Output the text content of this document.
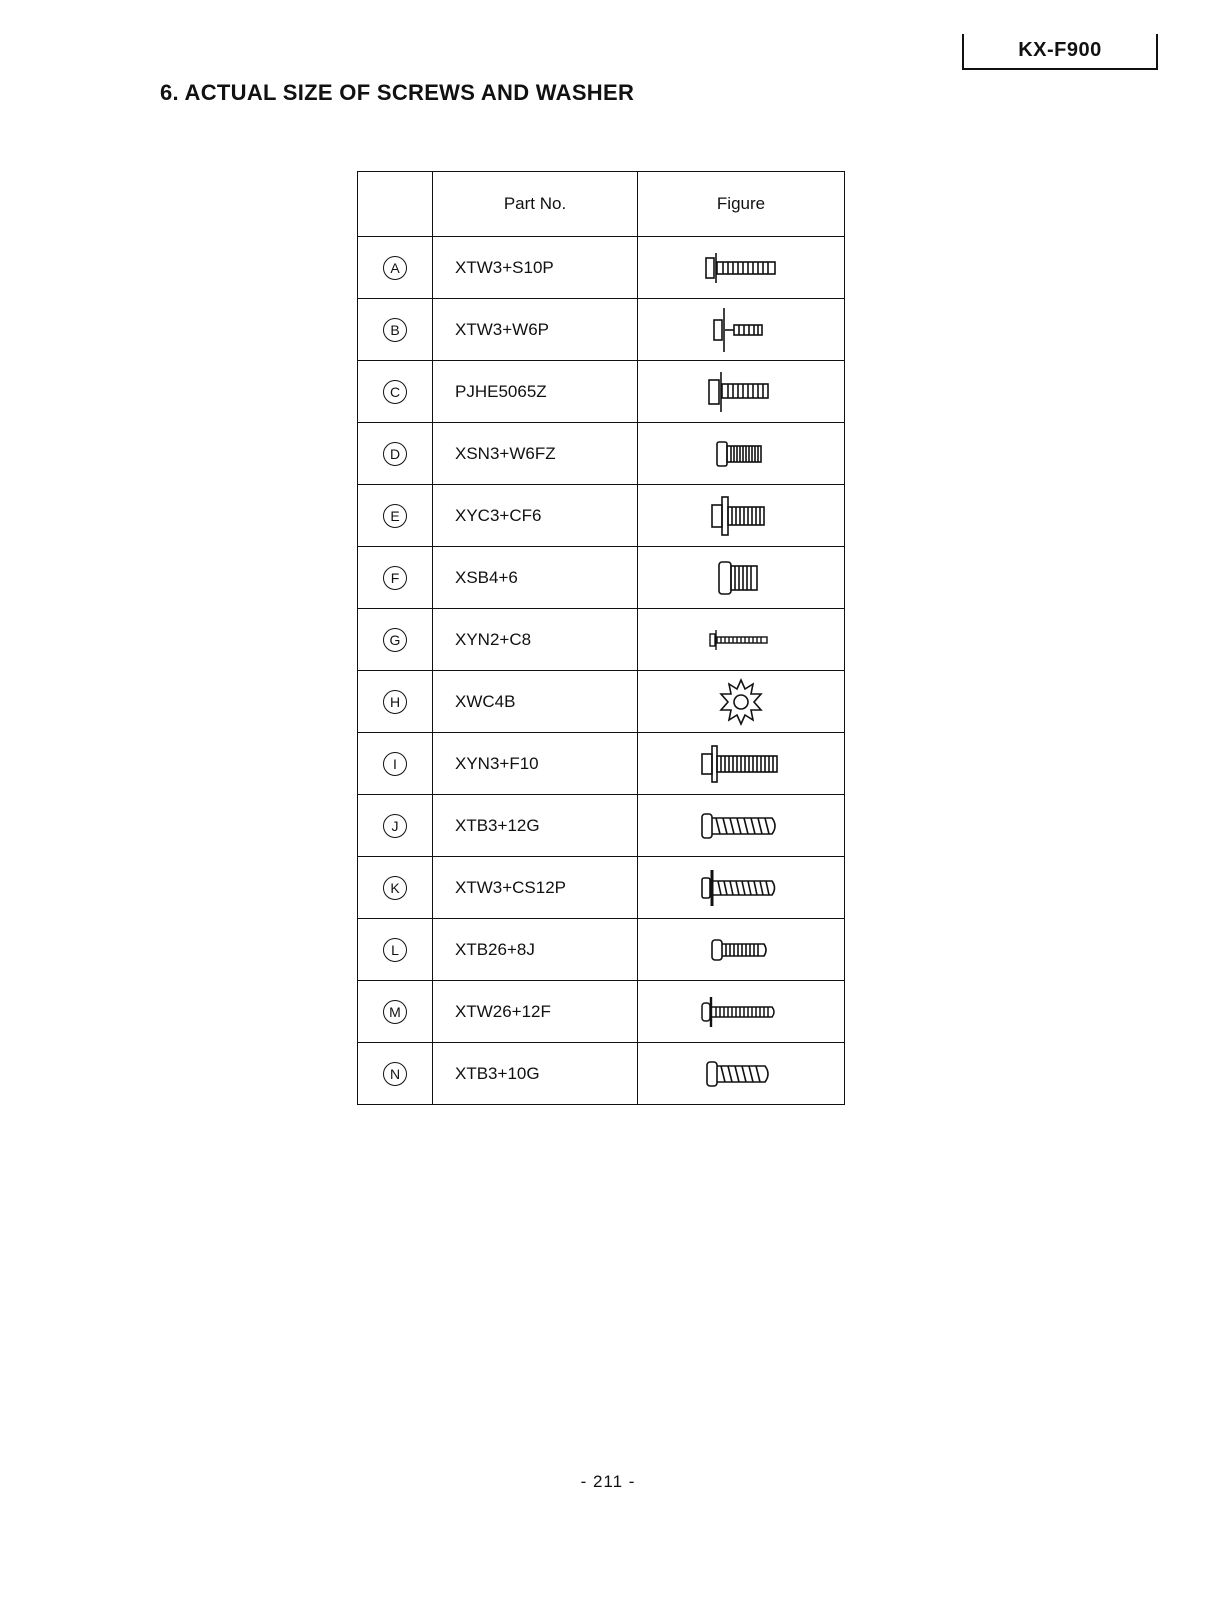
KX-F900
6. ACTUAL SIZE OF SCREWS AND WASHER
	Part No.	Figure
A	XTW3+S10P	

B	XTW3+W6P	

C	PJHE5065Z	

D	XSN3+W6FZ	

E	XYC3+CF6	

F	XSB4+6	

G	XYN2+C8	

H	XWC4B	

I	XYN3+F10	

J	XTB3+12G	

K	XTW3+CS12P	

L	XTB26+8J	

M	XTW26+12F	

N	XTB3+10G	
- 211 -
